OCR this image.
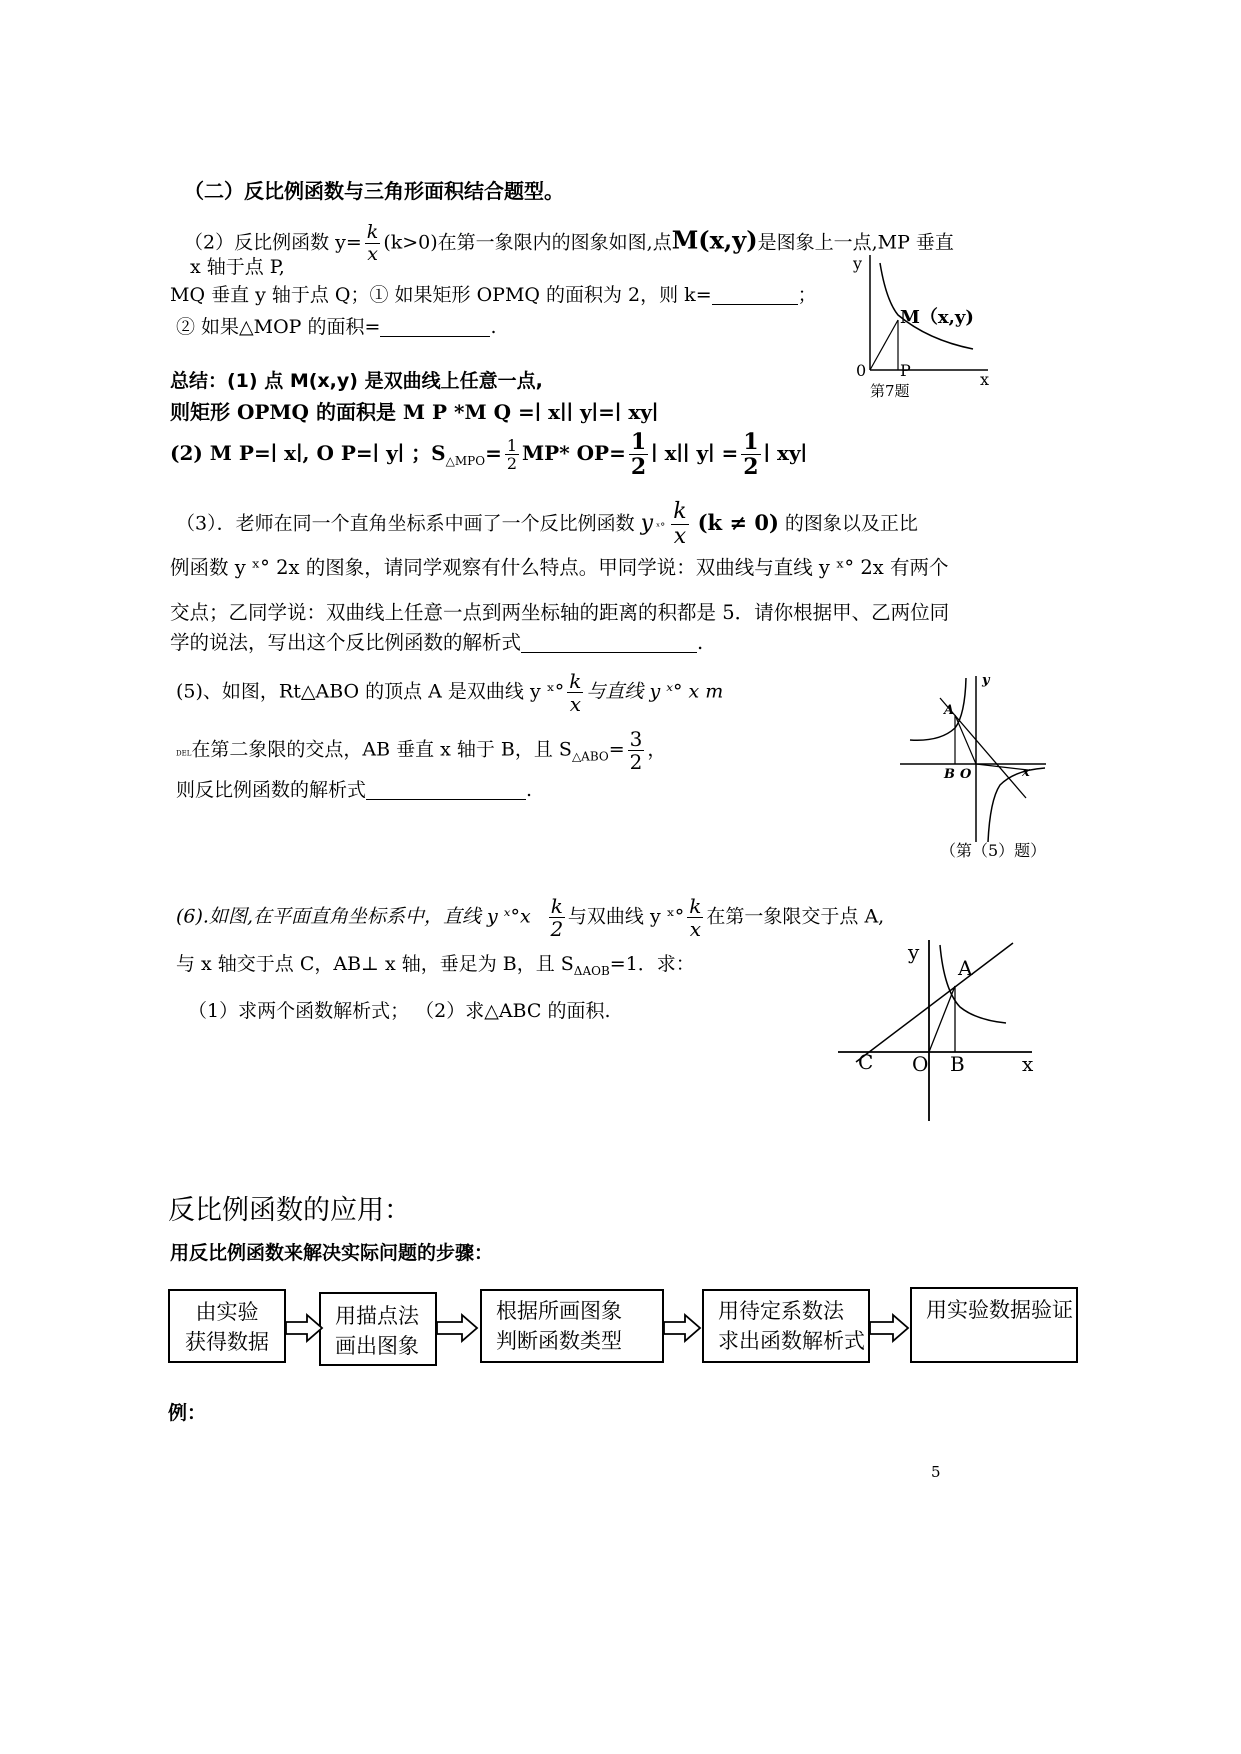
（二）反比例函数与三角形面积结合题型。
（2）反比例函数 $y= \frac{k}{x} (k>0)$在第一象限内的图象如图,点M(x,y)是图象上一点,MP 垂直
x 轴于点 P,
MQ 垂直 y 轴于点 Q；① 如果矩形 OPMQ 的面积为 2，则 k=	；
② 如果△MOP 的面积=	.
y
x
0 P
M（x,y)
第7题
总结：(1) 点 M(x,y) 是双曲线上任意一点,
则矩形 OPMQ 的面积是 M P *M Q =∣ x∣∣ y∣=∣ xy∣
(2) M P=∣ x∣, O P=∣ y∣ ；$S_{\triangle MPO}= \frac{1}{2} MP*$ $OP= \frac{1}{2}$ ∣ x∣∣ y∣ = $\frac{1}{2}$ ∣ xy∣
（3）．老师在同一个直角坐标系中画了一个反比例函数 y ˣ° $\frac{k}{x} (k \ne 0)$ 的图象以及正比
例函数 y ˣ° 2x 的图象，请同学观察有什么特点。甲同学说：双曲线与直线 y ˣ° 2x 有两个
交点；乙同学说：双曲线上任意一点到两坐标轴的距离的积都是 5．请你根据甲、乙两位同
学的说法，写出这个反比例函数的解析式	.
(5)、如图，Rt△ABO 的顶点 A 是双曲线 y ˣ° $\frac{k}{x}$ 与直线 y ˣ° x m
DEL在第二象限的交点，AB 垂直 x 轴于 B，且 $S_{\triangle ABO}= \frac{3}{2}$ ，
则反比例函数的解析式	.
A
B O
y
x
（第（5）题）
(6).如图,在平面直角坐标系中，直线 y ˣ°x $\frac{k}{2}$ 与双曲线 y ˣ° $\frac{k}{x}$ 在第一象限交于点 A,
与 x 轴交于点 C，AB⊥ x 轴，垂足为 B，且 $S_{\Delta AOB}=1$．求：
（1）求两个函数解析式； （2）求△ABC 的面积.
y
A
C O B	x
反比例函数的应用：
用反比例函数来解决实际问题的步骤：
由实验
获得数据
用描点法
画出图象
根据所画图象
判断函数类型
用待定系数法
求出函数解析式
用实验数据验证
例：
5
